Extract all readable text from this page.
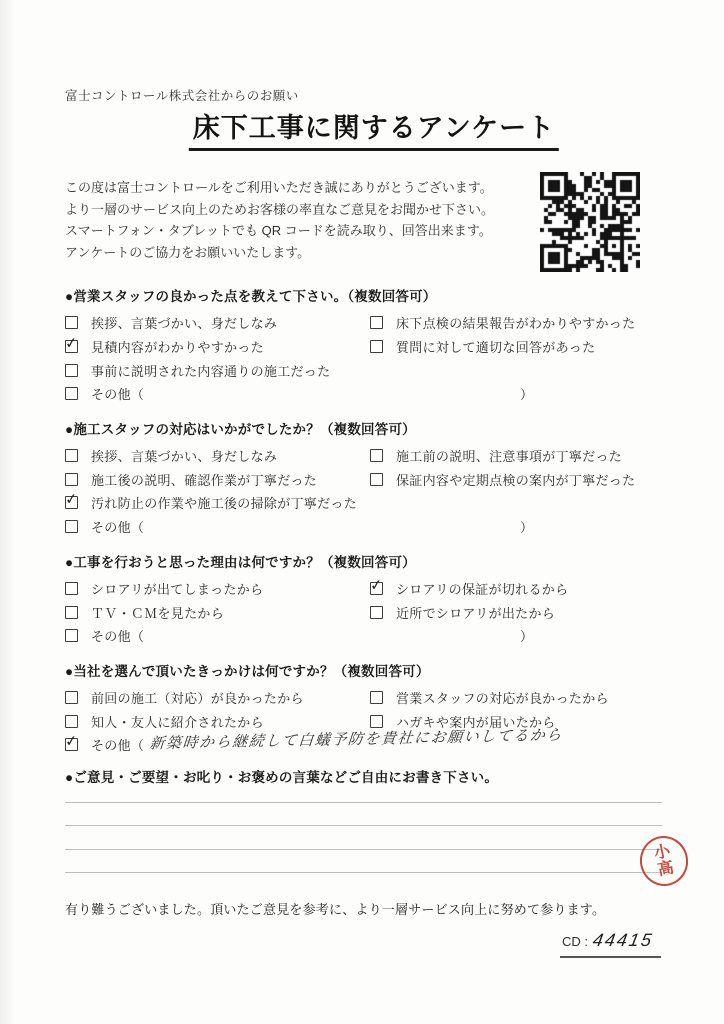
富士コントロール株式会社からのお願い
床下工事に関するアンケート
この度は富士コントロールをご利用いただき誠にありがとうございます。
より一層のサービス向上のためお客様の率直なご意見をお聞かせ下さい。
スマートフォン・タブレットでも QR コードを読み取り、回答出来ます。
アンケートのご協力をお願いいたします。
●営業スタッフの良かった点を教えて下さい。（複数回答可）
挨拶、言葉づかい、身だしなみ	床下点検の結果報告がわかりやすかった
✓
見積内容がわかりやすかった	質問に対して適切な回答があった
事前に説明された内容通りの施工だった
その他（	）
●施工スタッフの対応はいかがでしたか？（複数回答可）
挨拶、言葉づかい、身だしなみ	施工前の説明、注意事項が丁寧だった
施工後の説明、確認作業が丁寧だった	保証内容や定期点検の案内が丁寧だった
✓
汚れ防止の作業や施工後の掃除が丁寧だった
その他（	）
●工事を行おうと思った理由は何ですか？（複数回答可）
シロアリが出てしまったから ✓	シロアリの保証が切れるから
ＴＶ・ＣＭを見たから	近所でシロアリが出たから
その他（	）
●当社を選んで頂いたきっかけは何ですか？（複数回答可）
前回の施工（対応）が良かったから	営業スタッフの対応が良かったから
知人・友人に紹介されたから	ハガキや案内が届いたから
✓
その他（ 新築時から継続して白蟻予防を貴社にお願いしてるから
●ご意見・ご要望・お叱り・お褒めの言葉などご自由にお書き下さい。
小
高
有り難うございました。頂いたご意見を参考に、より一層サービス向上に努めて参ります。
CD : 44415
